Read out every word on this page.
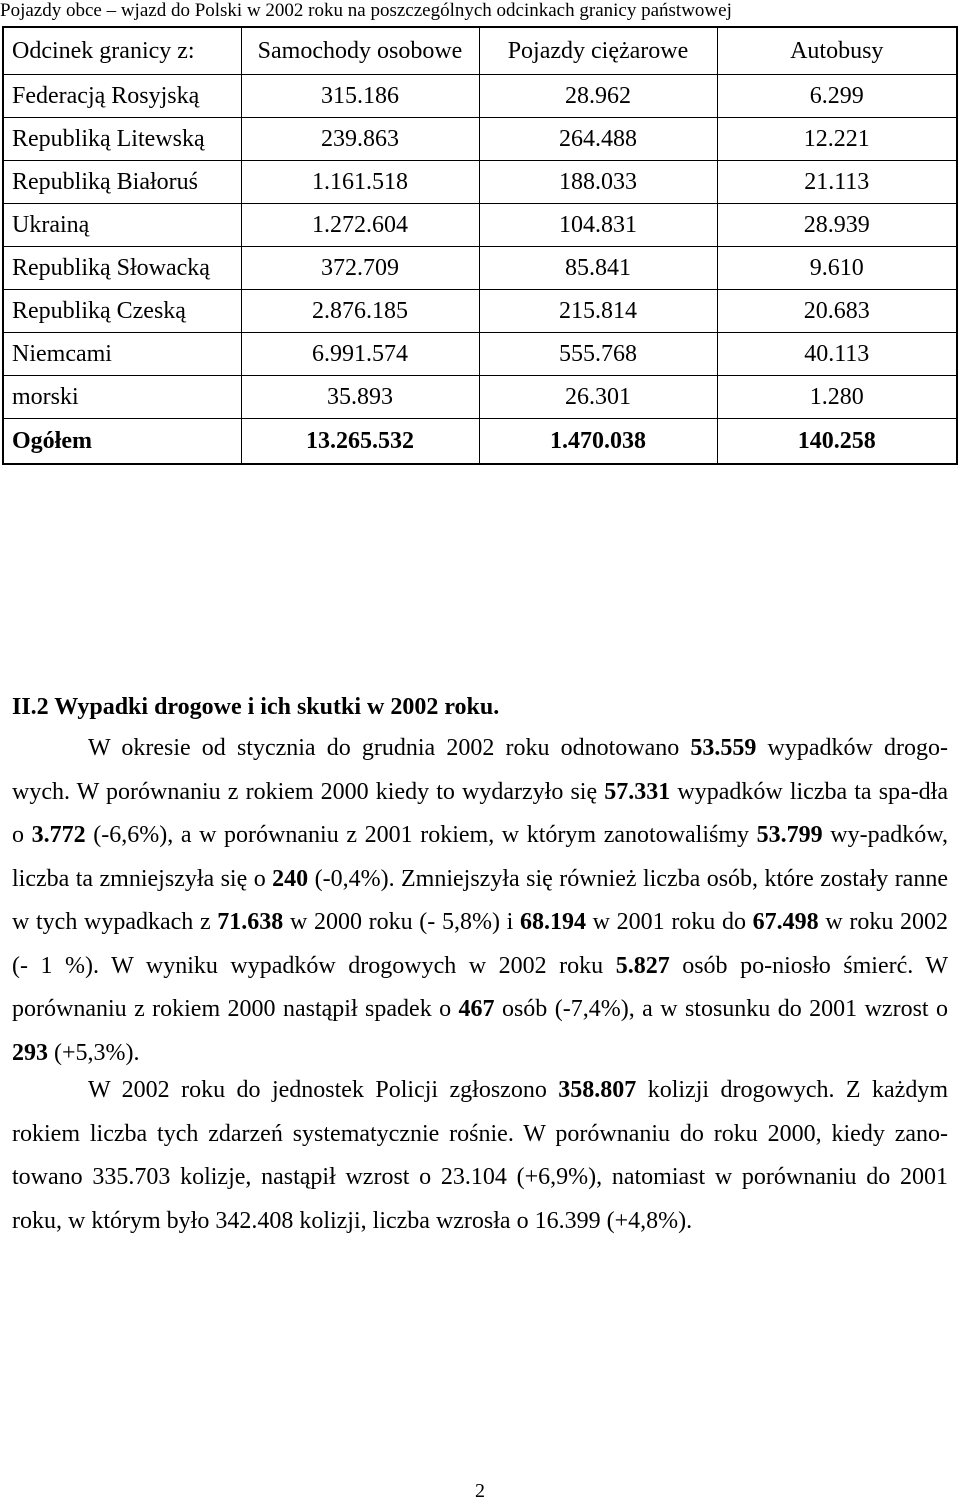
Pojazdy obce – wjazd do Polski w 2002 roku na poszczególnych odcinkach granicy państwowej
Odcinek granicy z:	Samochody osobowe	Pojazdy ciężarowe	Autobusy
Federacją Rosyjską	315.186	28.962	6.299
Republiką Litewską	239.863	264.488	12.221
Republiką Białoruś	1.161.518	188.033	21.113
Ukrainą	1.272.604	104.831	28.939
Republiką Słowacką	372.709	85.841	9.610
Republiką Czeską	2.876.185	215.814	20.683
Niemcami	6.991.574	555.768	40.113
morski	35.893	26.301	1.280
Ogółem	13.265.532	1.470.038	140.258
II.2 Wypadki drogowe i ich skutki w 2002 roku.
W okresie od stycznia do grudnia 2002 roku odnotowano 53.559 wypadków drogo-wych. W porównaniu z rokiem 2000 kiedy to wydarzyło się 57.331 wypadków liczba ta spa-dła o 3.772 (-6,6%), a w porównaniu z 2001 rokiem, w którym zanotowaliśmy 53.799 wy-padków, liczba ta zmniejszyła się o 240 (-0,4%). Zmniejszyła się również liczba osób, które zostały ranne w tych wypadkach z 71.638 w 2000 roku (- 5,8%) i 68.194 w 2001 roku do 67.498 w roku 2002 (- 1 %). W wyniku wypadków drogowych w 2002 roku 5.827 osób po-niosło śmierć. W porównaniu z rokiem 2000 nastąpił spadek o 467 osób (-7,4%), a w stosunku do 2001 wzrost o 293 (+5,3%).
W 2002 roku do jednostek Policji zgłoszono 358.807 kolizji drogowych. Z każdym rokiem liczba tych zdarzeń systematycznie rośnie. W porównaniu do roku 2000, kiedy zano-towano 335.703 kolizje, nastąpił wzrost o 23.104 (+6,9%), natomiast w porównaniu do 2001 roku, w którym było 342.408 kolizji, liczba wzrosła o 16.399 (+4,8%).
2
